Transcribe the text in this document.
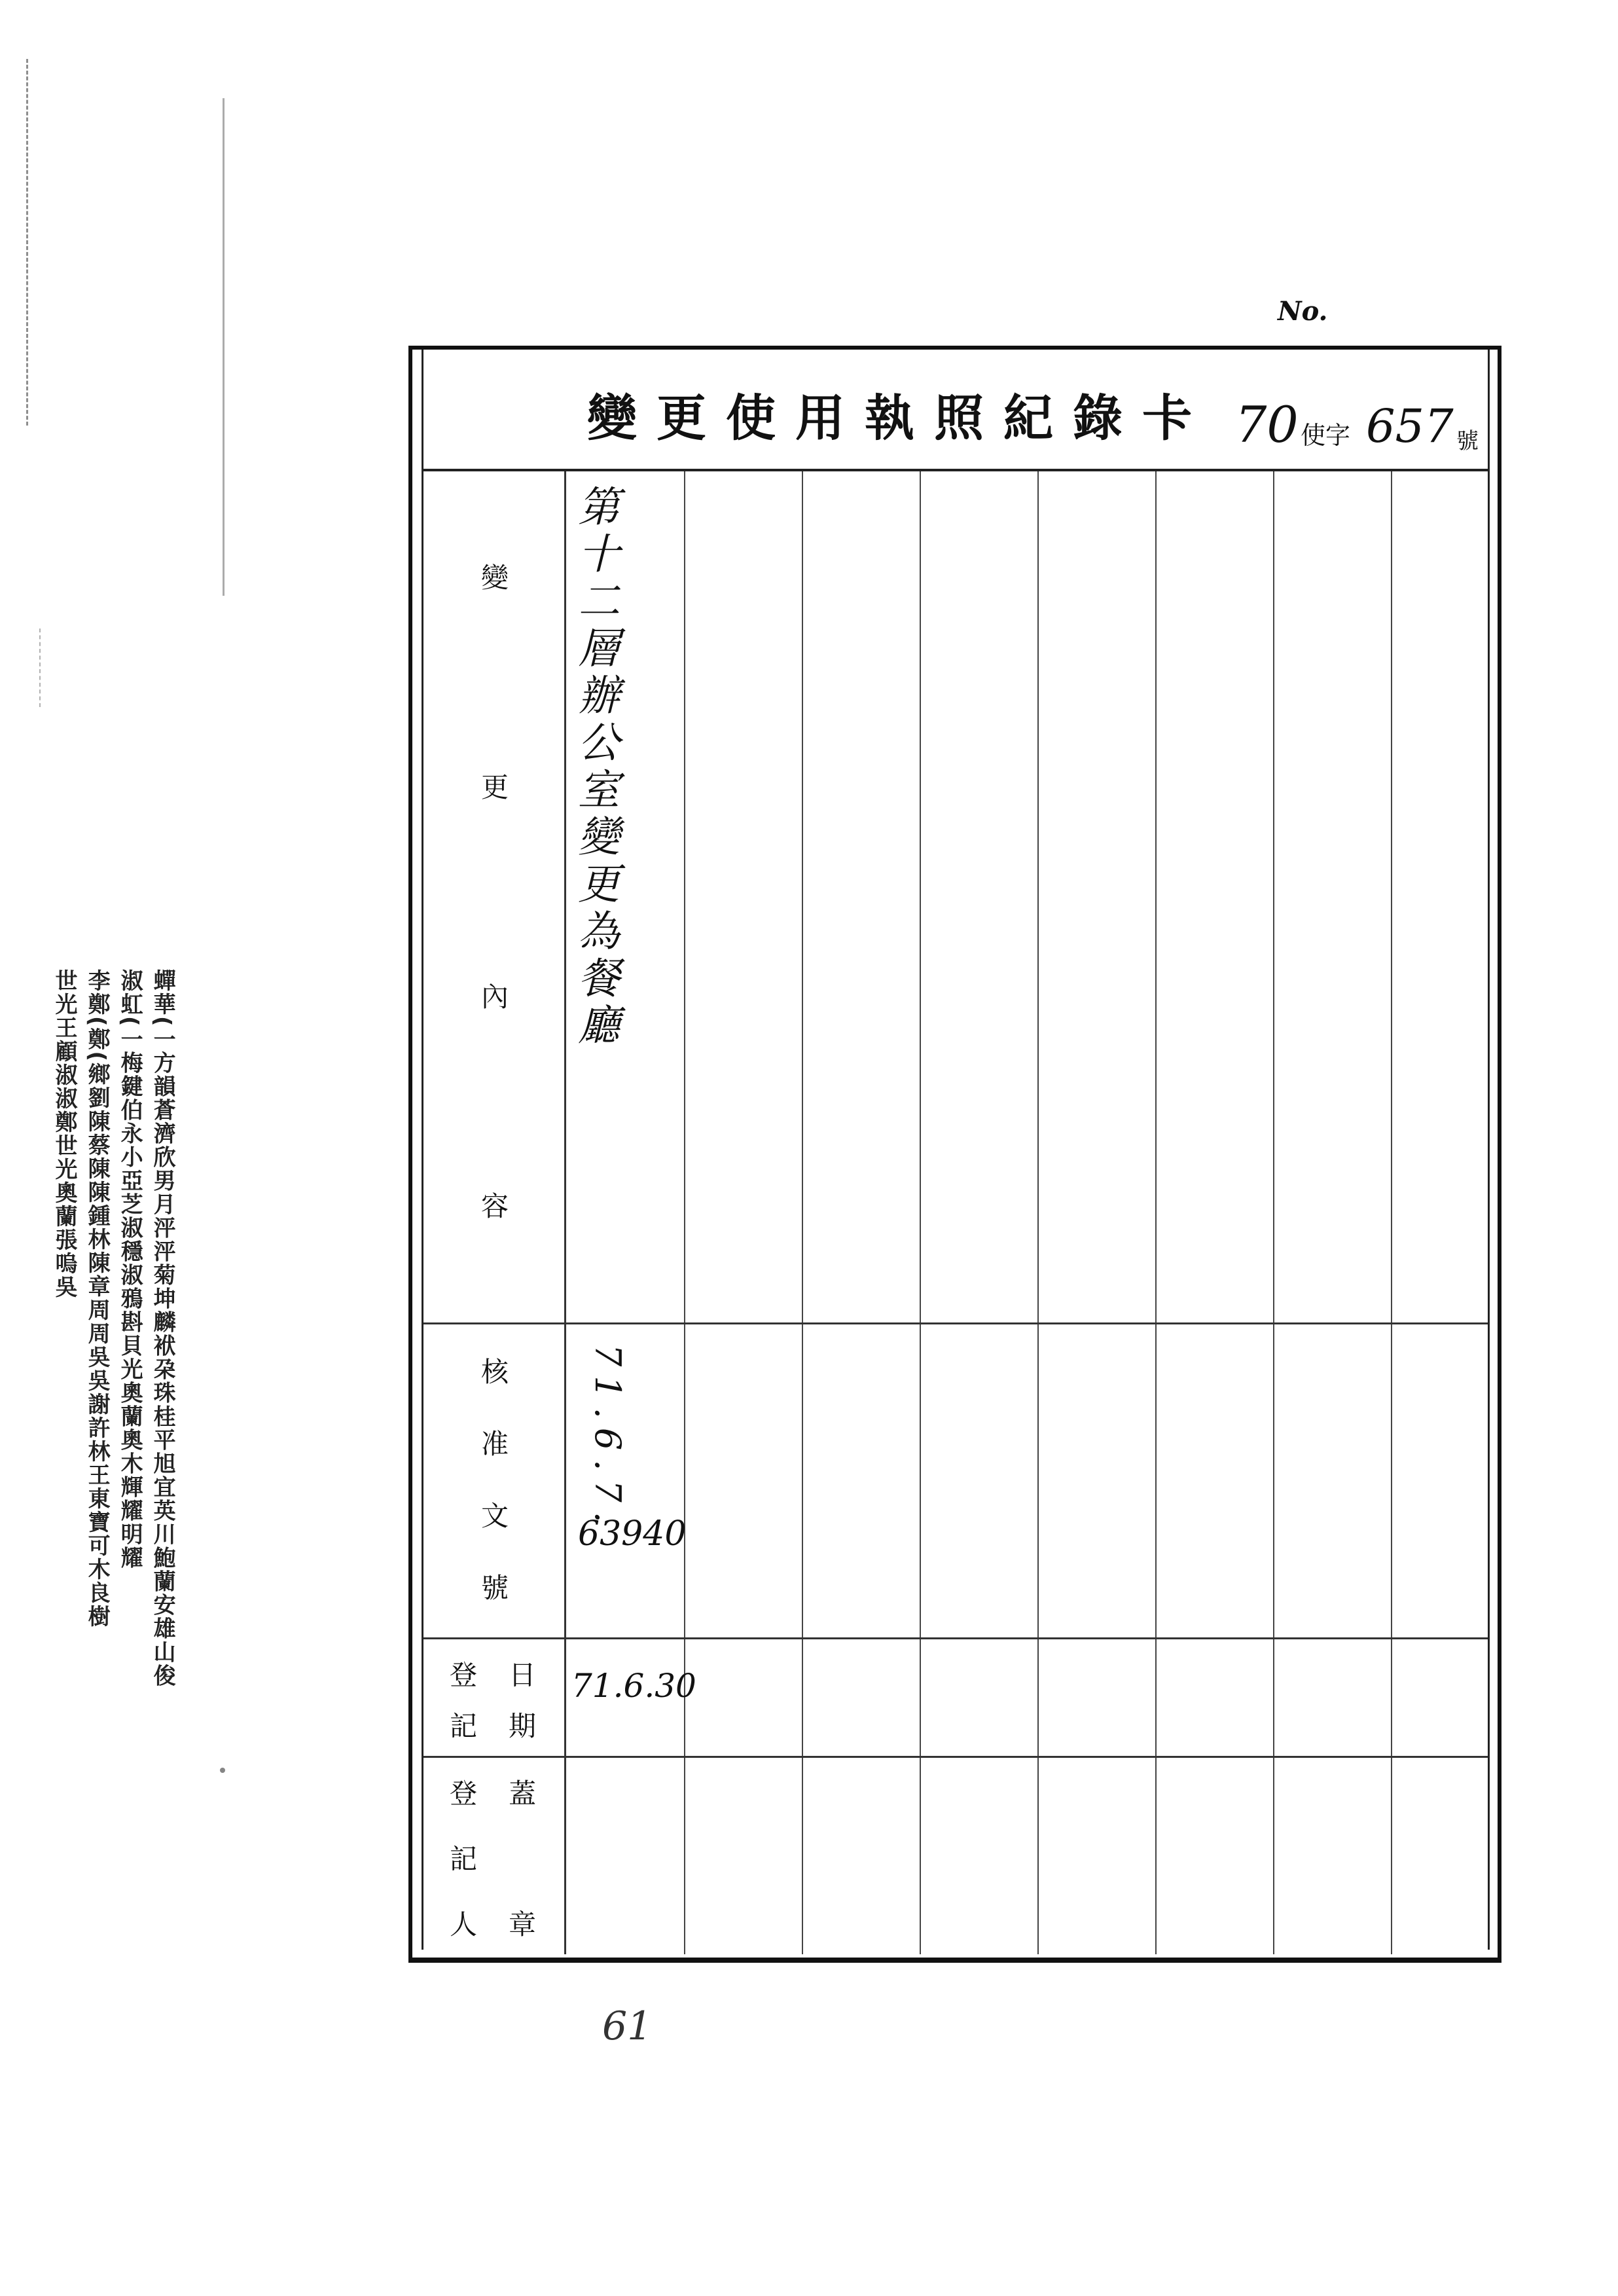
蟬華(一方韻蒼濟欣男月泙泙菊坤麟袱朶珠桂平旭宜英川鮑蘭安雄山俊
淑虹(一梅鍵伯永小亞芝淑穩淑鴉斟貝光奧蘭奧木輝耀明耀
李鄭(鄭(鄉劉陳蔡陳陳鍾林陳章周周吳吳謝許林王東寶可木良樹
世光王顧淑淑鄭世光奧蘭張嗚吳
No.
變更使用執照紀錄卡 70 使字 657 號
變
更
內
容
第十二層辦公室變更為餐廳
核
准
文
號
71.6.7.
63940
登
記
日
期
71.6.30
登
記
人
蓋
章
61
